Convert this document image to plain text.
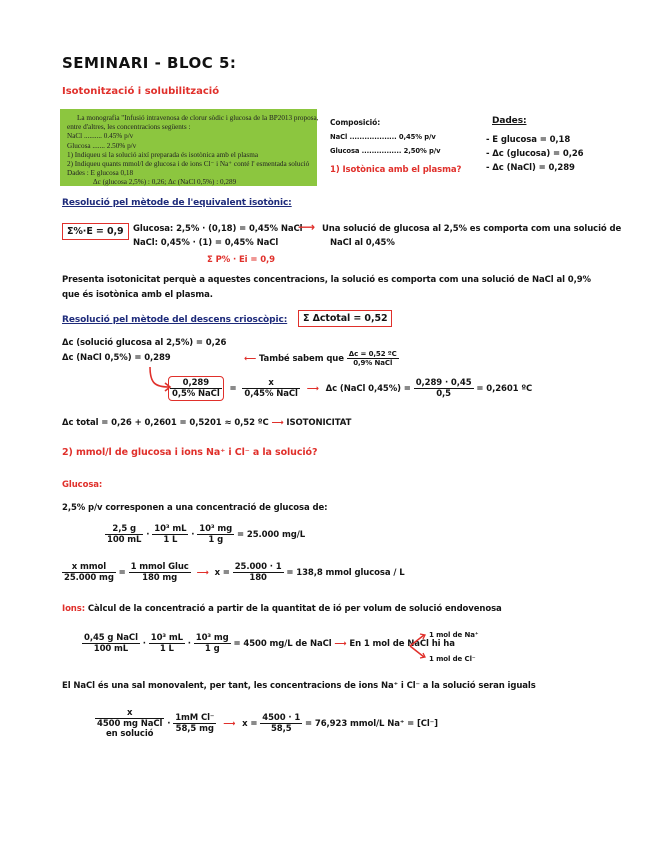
SEMINARI - BLOC 5:
Isotonització i solubilització
La monografia "Infusió intravenosa de clorur sòdic i glucosa de la BP2013 proposa,
entre d'altres, les concentracions següents :
NaCl .......... 0.45% p/v
Glucosa ....... 2.50% p/v
1) Indiqueu si la solució així preparada és isotònica amb el plasma
2) Indiqueu quants mmol/l de glucosa i de ions Cl⁻ i Na⁺ conté l' esmentada solució
Dades : E glucosa 0,18
Δc (glucosa 2,5%) : 0,26; Δc (NaCl 0,5%) : 0,289
Composició:
NaCl ................... 0,45% p/v
Glucosa ................ 2,50% p/v
1) Isotònica amb el plasma?
Dades:
- E glucosa = 0,18
- Δc (glucosa) = 0,26
- Δc (NaCl) = 0,289
Resolució pel mètode de l'equivalent isotònic:
Σ%·E = 0,9	Glucosa: 2,5% · (0,18) = 0,45% NaCl
NaCl: 0,45% · (1) = 0,45% NaCl
⟶ Una solució de glucosa al 2,5% es comporta com una solució de
NaCl al 0,45%
Σ P% · Ei = 0,9
Presenta isotonicitat perquè a aquestes concentracions, la solució es comporta com una solució de NaCl al 0,9%
que és isotònica amb el plasma.
Resolució pel mètode del descens crioscòpic:	Σ Δctotal = 0,52
Δc (solució glucosa al 2,5%) = 0,26
Δc (NaCl 0,5%) = 0,289	⟵ També sabem que $\frac{\text{Δc = 0,52 ºC}}{\text{0,9\% NaCl}}$
$\frac{0,289}{\text{0,5\% NaCl}} = \frac{x}{\text{0,45\% NaCl}}$ ⟶ Δc (NaCl $0,45\%) = \frac{0,289 \cdot 0,45}{0,5} = 0,2601$ ºC
Δc total = 0,26 + 0,2601 = 0,5201 ≈ 0,52 ºC ⟶ ISOTONICITAT
2) mmol/l de glucosa i ions Na⁺ i Cl⁻ a la solució?
Glucosa:
2,5% p/v corresponen a una concentració de glucosa de:
$\frac{2,5 g}{100 mL} \cdot \frac{\text{10³ mL}}{1 L} \cdot \frac{\text{10³ mg}}{1 g} = 25.000$ mg/L
$\frac{\text{x mmol}}{25.000 mg} = \frac{\text{1 mmol Gluc}}{180 mg}$ ⟶ $x = \frac{25.000 \cdot 1}{180} = 138,8$ mmol glucosa / L
Ions: Càlcul de la concentració a partir de la quantitat de ió per volum de solució endovenosa
$\frac{\text{0,45 g NaCl}}{100 mL} \cdot \frac{\text{10³ mL}}{1 L} \cdot \frac{\text{10³ mg}}{1 g} = 4500$ mg/L de NaCl ⟶ En 1 mol de NaCl hi ha
1 mol de Na⁺
1 mol de Cl⁻
El NaCl és una sal monovalent, per tant, les concentracions de ions Na⁺ i Cl⁻ a la solució seran iguals
x
4500 mg NaCl
en solució · $\frac{\text{1mM Cl⁻}}{58,5 mg}$ ⟶ $x = \frac{4500 \cdot 1}{58,5} = 76,923$ mmol/L Na⁺ = [Cl⁻]
